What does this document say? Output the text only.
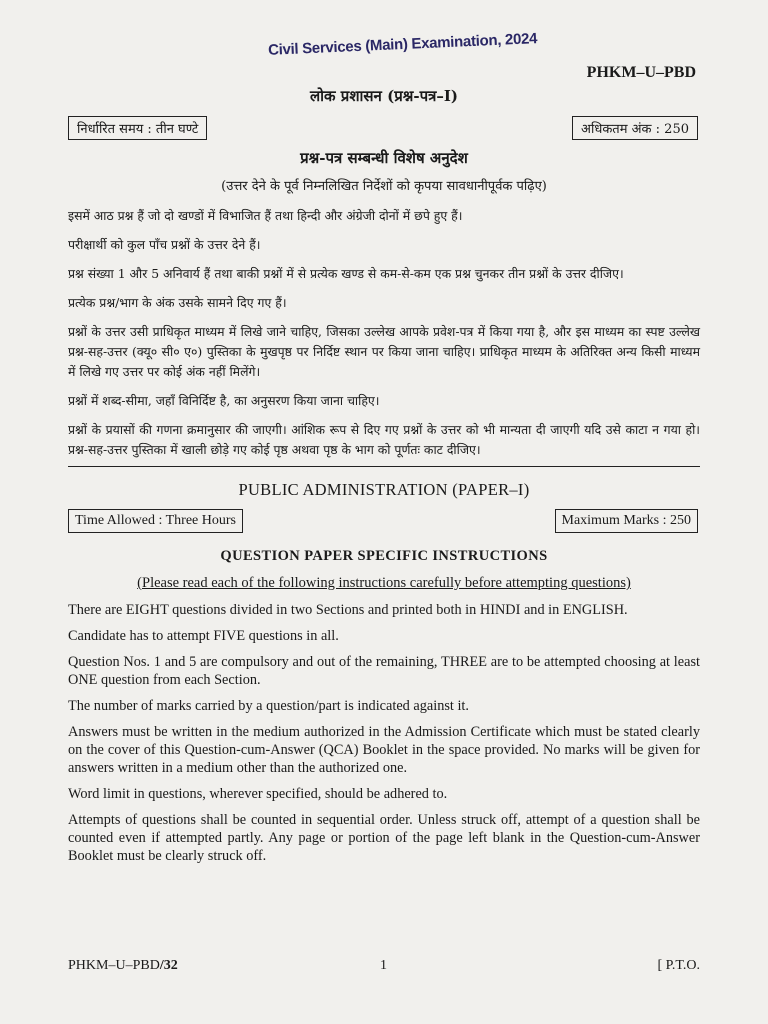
Civil Services (Main) Examination, 2024
PHKM–U–PBD
लोक प्रशासन (प्रश्न-पत्र–I)
निर्धारित समय : तीन घण्टे	अधिकतम अंक : 250
प्रश्न-पत्र सम्बन्धी विशेष अनुदेश
(उत्तर देने के पूर्व निम्नलिखित निर्देशों को कृपया सावधानीपूर्वक पढ़िए)

इसमें आठ प्रश्न हैं जो दो खण्डों में विभाजित हैं तथा हिन्दी और अंग्रेजी दोनों में छपे हुए हैं।

परीक्षार्थी को कुल पाँच प्रश्नों के उत्तर देने हैं।

प्रश्न संख्या 1 और 5 अनिवार्य हैं तथा बाकी प्रश्नों में से प्रत्येक खण्ड से कम-से-कम एक प्रश्न चुनकर तीन प्रश्नों के उत्तर दीजिए।

प्रत्येक प्रश्न/भाग के अंक उसके सामने दिए गए हैं।

प्रश्नों के उत्तर उसी प्राधिकृत माध्यम में लिखे जाने चाहिए, जिसका उल्लेख आपके प्रवेश-पत्र में किया गया है, और इस माध्यम का स्पष्ट उल्लेख प्रश्न-सह-उत्तर (क्यू० सी० ए०) पुस्तिका के मुखपृष्ठ पर निर्दिष्ट स्थान पर किया जाना चाहिए। प्राधिकृत माध्यम के अतिरिक्त अन्य किसी माध्यम में लिखे गए उत्तर पर कोई अंक नहीं मिलेंगे।

प्रश्नों में शब्द-सीमा, जहाँ विनिर्दिष्ट है, का अनुसरण किया जाना चाहिए।

प्रश्नों के प्रयासों की गणना क्रमानुसार की जाएगी। आंशिक रूप से दिए गए प्रश्नों के उत्तर को भी मान्यता दी जाएगी यदि उसे काटा न गया हो। प्रश्न-सह-उत्तर पुस्तिका में खाली छोड़े गए कोई पृष्ठ अथवा पृष्ठ के भाग को पूर्णतः काट दीजिए।

PUBLIC ADMINISTRATION (PAPER–I)
Time Allowed : Three Hours	Maximum Marks : 250
QUESTION PAPER SPECIFIC INSTRUCTIONS
(Please read each of the following instructions carefully before attempting questions)

There are EIGHT questions divided in two Sections and printed both in HINDI and in ENGLISH.

Candidate has to attempt FIVE questions in all.

Question Nos. 1 and 5 are compulsory and out of the remaining, THREE are to be attempted choosing at least ONE question from each Section.

The number of marks carried by a question/part is indicated against it.

Answers must be written in the medium authorized in the Admission Certificate which must be stated clearly on the cover of this Question-cum-Answer (QCA) Booklet in the space provided. No marks will be given for answers written in a medium other than the authorized one.

Word limit in questions, wherever specified, should be adhered to.

Attempts of questions shall be counted in sequential order. Unless struck off, attempt of a question shall be counted even if attempted partly. Any page or portion of the page left blank in the Question-cum-Answer Booklet must be clearly struck off.

PHKM–U–PBD/32	1	[ P.T.O.
